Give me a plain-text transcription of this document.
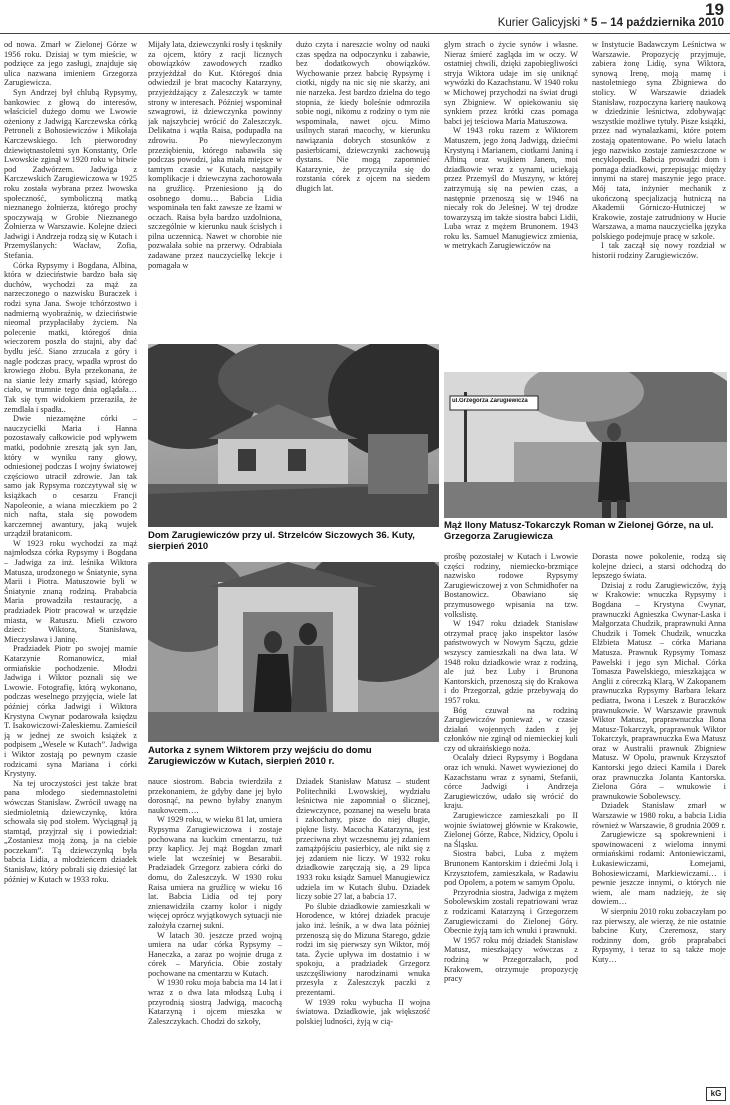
19
Kurier Galicyjski * 5 – 14 października 2010

od nowa. Zmarł w Zielonej Górze w 1956 roku. Dzisiaj w tym mieście, w podzięce za jego zasługi, znajduje się ulica nazwana imieniem Grzegorza Zarugiewicza.

Syn Andrzej był chlubą Rypsymy, bankowiec z głową do interesów, właściciel dużego domu we Lwowie ożeniony z Jadwigą Karczewska córką Petroneli z Bohosiewiczów i Mikołaja Karczewskiego. Ich pierworodny dziewiętnastoletni syn Konstanty, Orle Lwowskie zginął w 1920 roku w bitwie pod Zadwórzem. Jadwiga z Karczewskich Zarugiewiczowa w 1925 roku została wybrana przez lwowska społeczność, symboliczną matką nieznanego żołnierza, którego prochy spoczywają w Grobie Nieznanego Żołnierza w Warszawie. Kolejne dzieci Jadwigi i Andrzeja rodzą się w Kutach i Przemyślanych: Wacław, Zofia, Stefania.

Córka Rypsymy i Bogdana, Albina, która w dzieciństwie bardzo bała się duchów, wychodzi za mąż za narzeczonego o nazwisku Buraczek i rodzi syna Jana. Swoje tchórzostwo i nadmierną wyobraźnię, w dzieciństwie nieomal przypłaciłaby życiem. Na polecenie matki, któregoś dnia wieczorem poszła do stajni, aby dać bydłu jeść. Siano zrzucała z góry i nagle podczas pracy, wpadła wprost do krowiego żłobu. Była przekonana, że na sianie leży zmarły sąsiad, którego ciało, w trumnie tego dnia oglądała… Tak się tym widokiem przeraziła, że zemdlała i spadła..

Dwie niezamężne córki – nauczycielki Maria i Hanna pozostawały całkowicie pod wpływem matki, podobnie zresztą jak syn Jan, który w wyniku rany głowy, odniesionej podczas I wojny światowej częściowo utracił zdrowie. Jan tak samo jak Rypsyma rozczytywał się w książkach o cesarzu Francji Napoleonie, a wiana mieczkiem po 2 nich nafta, stała się powodem karczemnej awantury, jaką wujek urządził bratanicom.

W 1923 roku wychodzi za mąż najmłodsza córka Rypsymy i Bogdana – Jadwiga za inż. leśnika Wiktora Matusza, urodzonego w Śniatynie, syna Marii i Piotra. Matuszowie byli w Śniatynie znaną rodziną. Prababcia Maria prowadziła restaurację, a pradziadek Piotr pracował w urzędzie miasta, w Ratuszu. Mieli czworo dzieci: Wiktora, Stanisława, Mieczysława i Janinę.

Pradziadek Piotr po swojej mamie Katarzynie Romanowicz, miał ormiańskie pochodzenie. Młodzi Jadwiga i Wiktor poznali się we Lwowie. Fotografię, którą wykonano, podczas weselnego przyjęcia, wiele lat później córka Jadwigi i Wiktora Krystyna Cwynar podarowała księdzu T. Isakowiczowi-Zaleskiemu. Zamieścił ją w jednej ze swoich książek z podpisem „Wesele w Kutach”. Jadwiga i Wiktor zostają po pewnym czasie rodzicami syna Mariana i córki Krystyny.

Na tej uroczystości jest także brat pana młodego siedemnastoletni wówczas Stanisław. Zwrócił uwagę na siedmioletnią dziewczynkę, która schowała się pod stołem. Wyciągnął ją stamtąd, przyjrzał się i powiedział: „Zostaniesz moją żoną, ja na ciebie poczekam”. Tą dziewczynką była babcia Lidia, a młodzieńcem dziadek Stanisław, który pobrali się dziesięć lat później w Kutach w 1933 roku.

Mijały lata, dziewczynki rosły i tęskniły za ojcem, który z racji licznych obowiązków zawodowych rzadko przyjeżdżał do Kut. Któregoś dnia odwiedził je brat macochy Katarzyny, przyjeżdżający z Zaleszczyk w tamte strony w interesach. Później wspominał szwagrowi, iż dziewczynka powinny jak najszybciej wrócić do Zaleszczyk. Delikatna i wątła Raisa, podupadła na zdrowiu. Po niewyleczonym przeziębieniu, którego nabawiła się podczas powodzi, jaka miała miejsce w tamtym czasie w Kutach, nastąpiły komplikacje i dziewczyna zachorowała na gruźlicę. Przeniesiono ją do osobnego domu… Babcia Lidia wspominała ten fakt zawsze ze łzami w oczach. Raisa była bardzo uzdolniona, szczególnie w kierunku nauk ścisłych i pilna uczennicą. Nawet w chorobie nie pozwalała sobie na przerwy. Odrabiała zadawane przez nauczycielkę lekcje i pomagała w

dużo czyta i nareszcie wolny od nauki czas spędza na odpoczynku i zabawie, bez dodatkowych obowiązków. Wychowanie przez babcię Rypsymę i ciotki, nigdy na nic się nie skarży, ani nie narzeka. Jest bardzo dzielna do tego stopnia, że kiedy boleśnie odmroziła sobie nogi, nikomu z rodziny o tym nie wspominała, nawet ojcu. Mimo usilnych starań macochy, w kierunku nawiązania dobrych stosunków z pasierbicami, dziewczynki zachowują dystans. Nie mogą zapomnieć Katarzynie, że przyczyniła się do rozstania córek z ojcem na siedem długich lat.

glym strach o życie synów i własne. Nieraz śmierć zagląda im w oczy. W ostatniej chwili, dzięki zapobiegliwości stryja Wiktora udaje im się uniknąć wywózki do Kazachstanu. W 1940 roku w Michowej przychodzi na świat drugi syn Zbigniew. W opiekowaniu się synkiem przez krótki czas pomaga babci jej teściowa Maria Matuszowa.

W 1943 roku razem z Wiktorem Matuszem, jego żoną Jadwigą, dziećmi Krystyną i Marianem, ciotkami Janiną i Albiną oraz wujkiem Janem, moi dziadkowie wraz z synami, uciekają przez Przemyśl do Muszyny, w której zatrzymują się na pewien czas, a następnie przenoszą się w 1946 na niecały rok do Jeleśnej. W tej drodze towarzyszą im także siostra babci Lidii, Luba wraz z mężem Brunonem. 1943 roku ks. Samuel Manugiewicz zmienia, w metrykach Zarugiewiczów na

w Instytucie Badawczym Leśnictwa w Warszawie. Propozycję przyjmuje, zabiera żonę Lidię, syna Wiktora, synową Irenę, moją mamę i nastoletniego syna Zbigniewa do stolicy. W Warszawie dziadek Stanisław, rozpoczyna karierę naukową w dziedzinie leśnictwa, zdobywając wszystkie możliwe tytuły. Pisze książki, przez nad wynalazkami, które potem zostają opatentowane. Po wielu latach jego nazwisko zostaje zamieszczone w encyklopedii. Babcia prowadzi dom i pomaga dziadkowi, przepisując między innymi na starej maszynie jego prace. Mój tata, inżynier mechanik z ukończoną specjalizacją hutniczą na Akademii Górniczo-Hutniczej w Krakowie, zostaje zatrudniony w Hucie Warszawa, a mama nauczycielka języka polskiego podejmuje pracę w szkole.

I tak zaczął się nowy rozdział w historii rodziny Zarugiewiczów.

ul.Grzegorza Zarugiewicza
Dom Zarugiewiczów przy ul. Strzelców Siczowych 36. Kuty, sierpień 2010
Mąż Ilony Matusz-Tokarczyk Roman w Zielonej Górze, na ul. Grzegorza Zarugiewicza
Autorka z synem Wiktorem przy wejściu do domu Zarugiewiczów w Kutach, sierpień 2010 r.

nauce siostrom. Babcia twierdziła z przekonaniem, że gdyby dane jej było dorosnąć, na pewno byłaby znanym naukowcem….

W 1929 roku, w wieku 81 lat, umiera Rypsyma Zarugiewiczowa i zostaje pochowana na kuckim cmentarzu, tuż przy kaplicy. Jej mąż Bogdan zmarł wiele lat wcześniej w Besarabii. Pradziadek Grzegorz zabiera córki do domu, do Zaleszczyk. W 1930 roku Raisa umiera na gruźlicę w wieku 16 lat. Babcia Lidia od tej pory znienawidziła czarny kolor i nigdy więcej oprócz wyjątkowych sytuacji nie założyła czarnej sukni.

W latach 30. jeszcze przed wojną umiera na udar córka Rypsymy – Haneczka, a zaraz po wojnie druga z córek – Maryńcia. Obie zostały pochowane na cmentarzu w Kutach.

W 1930 roku moja babcia ma 14 lat i wraz z o dwa lata młodszą Lubą i przyrodnią siostrą Jadwigą, macochą Katarzyną i ojcem mieszka w Zaleszczykach. Chodzi do szkoły,

Dziadek Stanisław Matusz – student Politechniki Lwowskiej, wydziału leśnictwa nie zapomniał o ślicznej, dziewczynce, poznanej na weselu brata i zakochany, pisze do niej długie, piękne listy. Macocha Katarzyna, jest przeciwna zbyt wczesnemu jej zdaniem zamążpójściu pasierbicy, ale nikt się z jej zdaniem nie liczy. W 1932 roku dziadkowie zaręczają się, a 29 lipca 1933 roku ksiądz Samuel Manugiewicz udziela im w Kutach ślubu. Dziadek liczy sobie 27 lat, a babcia 17.

Po ślubie dziadkowie zamieszkali w Horodence, w której dziadek pracuje jako inż. leśnik, a w dwa lata później przenoszą się do Mizuna Starego, gdzie rodzi im się pierwszy syn Wiktor, mój tata. Życie upływa im dostatnio i w spokoju, a pradziadek Grzegorz uszczęśliwiony narodzinami wnuka przesyła z Zaleszczyk paczki z prezentami.

W 1939 roku wybucha II wojna światowa. Dziadkowie, jak większość polskiej ludności, żyją w cią-

prośbę pozostałej w Kutach i Lwowie części rodziny, niemiecko-brzmiące nazwisko rodowe Rypsymy Zarugiewiczowej z von Schmidhofer na Bostanowicz. Obawiano się przymusowego wpisania na tzw. volkslistę.

W 1947 roku dziadek Stanisław otrzymał pracę jako inspektor lasów państwowych w Nowym Sączu, gdzie wszyscy zamieszkali na dwa lata. W 1948 roku dziadkowie wraz z rodziną, ale już bez Luby i Brunona Kantorskich, przenoszą się do Krakowa i do Przegorzał, gdzie przebywają do 1957 roku.

Bóg czuwał na rodziną Zarugiewiczów ponieważ , w czasie działań wojennych żaden z jej członków nie zginął od niemieckiej kuli czy od ukraińskiego noża.

Ocalały dzieci Rypsymy i Bogdana oraz ich wnuki. Nawet wywiezionej do Kazachstanu wraz z synami, Stefanii, córce Jadwigi i Andrzeja Zarugiewiczów, udało się wrócić do kraju.

Zarugiewiczce zamieszkali po II wojnie światowej głównie w Krakowie, Zielonej Górze, Rabce, Nidzicy, Opolu i na Śląsku.

Siostra babci, Luba z mężem Brunonem Kantorskim i dziećmi Jolą i Krzysztofem, zamieszkała, w Radawiu pod Opolem, a potem w samym Opolu.

Przyrodnia siostra, Jadwiga z mężem Sobolewskim zostali repatriowani wraz z rodzicami Katarzyną i Grzegorzem Zarugiewiczami do Zielonej Góry. Obecnie żyją tam ich wnuki i prawnuki.

W 1957 roku mój dziadek Stanisław Matusz, mieszkający wówczas z rodziną w Przegorzałach, pod Krakowem, otrzymuje propozycję pracy

Dorasta nowe pokolenie, rodzą się kolejne dzieci, a starsi odchodzą do lepszego świata.

Dzisiaj z rodu Zarugiewiczów, żyją w Krakowie: wnuczka Rypsymy i Bogdana – Krystyna Cwynar, prawnuczki Agnieszka Cwynar-Laska i Małgorzata Chudzik, praprawnuki Anna Chudzik i Tomek Chudzik, wnuczka Elżbieta Matusz – córka Mariana Matusza. Prawnuk Rypsymy Tomasz Pawelski i jego syn Michał. Córka Tomasza Pawelskiego, mieszkająca w Anglii z córeczką Klarą, W Zakopanem prawnuczka Rypsymy Barbara lekarz pediatra, Iwona i Leszek z Buraczków prawnukowie. W Warszawie prawnuk Wiktor Matusz, praprawnuczka Ilona Matusz-Tokarczyk, praprawnuk Wiktor Tokarczyk, praprawnuczka Ewa Matusz oraz w Australii prawnuk Zbigniew Matusz. W Opolu, prawnuk Krzysztof Kantorski jego dzieci Kamila i Darek oraz prawnuczka Jolanta Kantorska. Zielona Góra – wnukowie i prawnukowie Sobolewscy.

Dziadek Stanisław zmarł w Warszawie w 1980 roku, a babcia Lidia również w Warszawie, 8 grudnia 2009 r.

Zarugiewicze są spokrewnieni i spowinowaceni z wieloma innymi ormiańskimi rodami: Antoniewiczami, Łukasiewiczami, Łomejami, Bohosiewiczami, Markiewiczami… i pewnie jeszcze innymi, o których nie wiem, ale mam nadzieję, że się dowiem…

W sierpniu 2010 roku zobaczyłam po raz pierwszy, ale wierzę, że nie ostatnie babcine Kuty, Czeremosz, stary rodzinny dom, grób praprababci Rypsymy, i teraz to są także moje Kuty…

kG
